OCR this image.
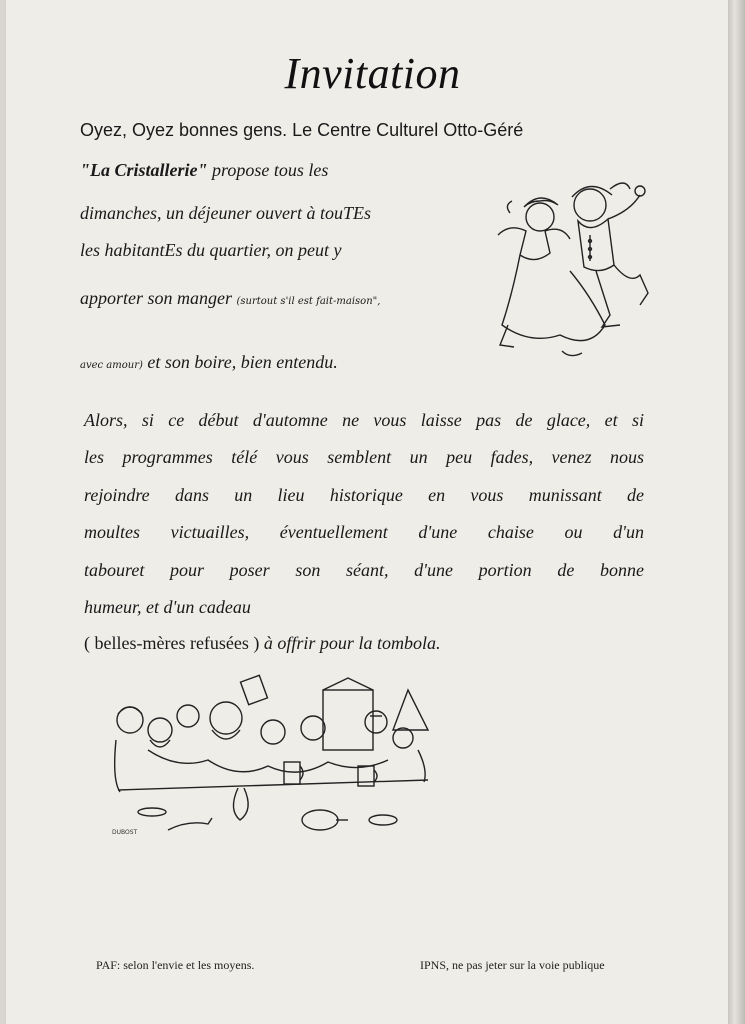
Invitation
Oyez, Oyez bonnes gens. Le Centre Culturel Otto-Géré
"La Cristallerie" propose tous les
dimanches, un déjeuner ouvert à touTEs
les habitantEs du quartier, on peut y
apporter son manger (surtout s'il est fait-maison",
avec amour) et son boire, bien entendu.
Alors, si ce début d'automne ne vous laisse pas de glace, et si
les programmes télé vous semblent un peu fades, venez nous
rejoindre dans un lieu historique en vous munissant de
moultes victuailles, éventuellement d'une chaise ou d'un
tabouret pour poser son séant, d'une portion de bonne
humeur, et d'un cadeau
( belles-mères refusées ) à offrir pour la tombola.
DUBOST
PAF: selon l'envie et les moyens.	IPNS, ne pas jeter sur la voie publique
